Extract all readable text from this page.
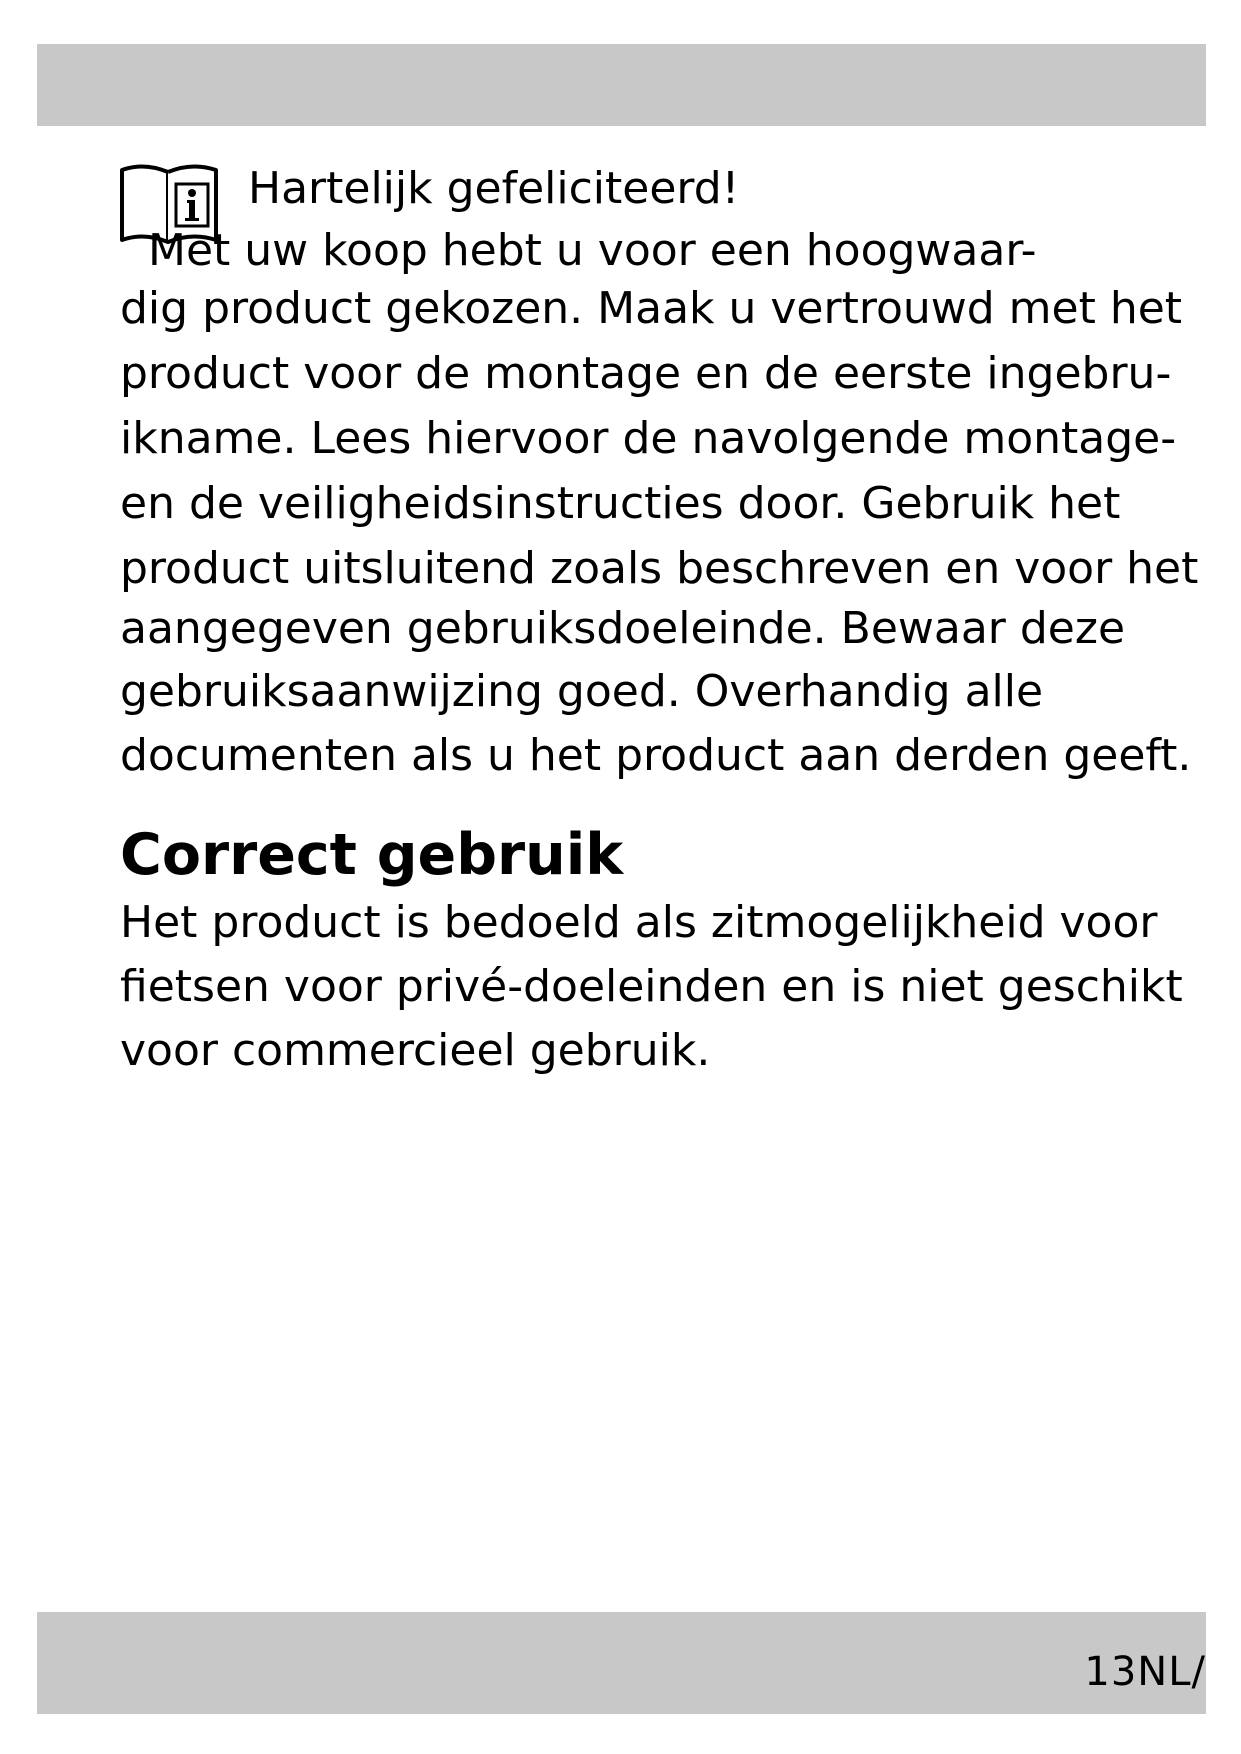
Hartelijk gefeliciteerd!
Met uw koop hebt u voor een hoogwaar-
dig product gekozen. Maak u vertrouwd met het
product voor de montage en de eerste ingebru-
ikname. Lees hiervoor de navolgende montage-
en de veiligheidsinstructies door. Gebruik het
product uitsluitend zoals beschreven en voor het
aangegeven gebruiksdoeleinde. Bewaar deze
gebruiksaanwijzing goed. Overhandig alle
documenten als u het product aan derden geeft.
Correct gebruik
Het product is bedoeld als zitmogelijkheid voor
fietsen voor privé-doeleinden en is niet geschikt
voor commercieel gebruik.
13NL/
